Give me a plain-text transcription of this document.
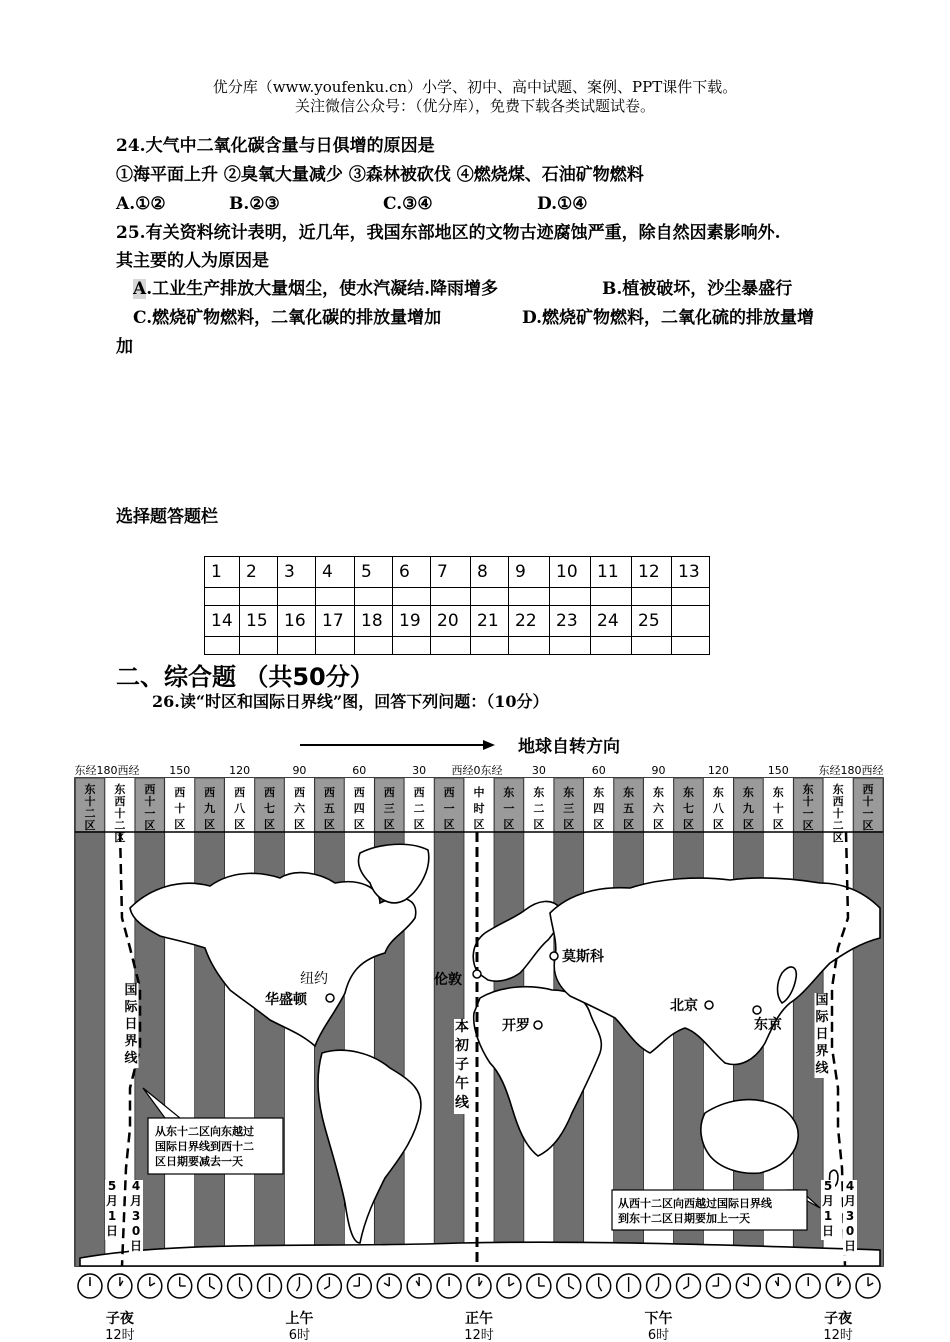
优分库（www.youfenku.cn）小学、初中、高中试题、案例、PPT课件下载。
关注微信公众号：（优分库），免费下载各类试题试卷。
24.大气中二氧化碳含量与日俱增的原因是
①海平面上升 ②臭氧大量减少 ③森林被砍伐 ④燃烧煤、石油矿物燃料
A.①②	B.②③	C.③④	D.①④
25.有关资料统计表明，近几年，我国东部地区的文物古迹腐蚀严重，除自然因素影响外.
其主要的人为原因是
A.工业生产排放大量烟尘，使水汽凝结.降雨增多	B.植被破坏，沙尘暴盛行
C.燃烧矿物燃料，二氧化碳的排放量增加	D.燃烧矿物燃料，二氧化硫的排放量增
加
选择题答题栏
1	2	3	4	5	6	7	8	9	10	11	12	13

14	15	16	17	18	19	20	21	22	23	24	25	

二、综合题 （共50分）
26.读“时区和国际日界线”图，回答下列问题：（10分）
地球自转方向
东经180西经	150	120	90	60	30 西经0东经	30	60	90	120	150	东经180西经
东
十
二
区
东
西
十
二
区
西
十
一
区
西
十
区
西
九
区
西
八
区
西
七
区
西
六
区
西
五
区
西
四
区
西
三
区
西
二
区
西
一
区
中
时
区
东
一
区
东
二
区
东
三
区
东
四
区
东
五
区
东
六
区
东
七
区
东
八
区
东
九
区
东
十
区
东
十
一
区
东
西
十
二
区
西
十
一
区
国
际
日
界
线
国
际
日
界
线
本
初
子
午
线
纽约
华盛顿
伦敦
莫斯科
开罗
北京
东京
从东十二区向东越过
国际日界线到西十二
区日期要减去一天
从西十二区向西越过国际日界线
到东十二区日期要加上一天
5
月
1
日
4
月
3
0
日
5
月
1
日
4
月
3
0
日
子夜
12时
上午
6时
正午
12时
下午
6时
子夜
12时
